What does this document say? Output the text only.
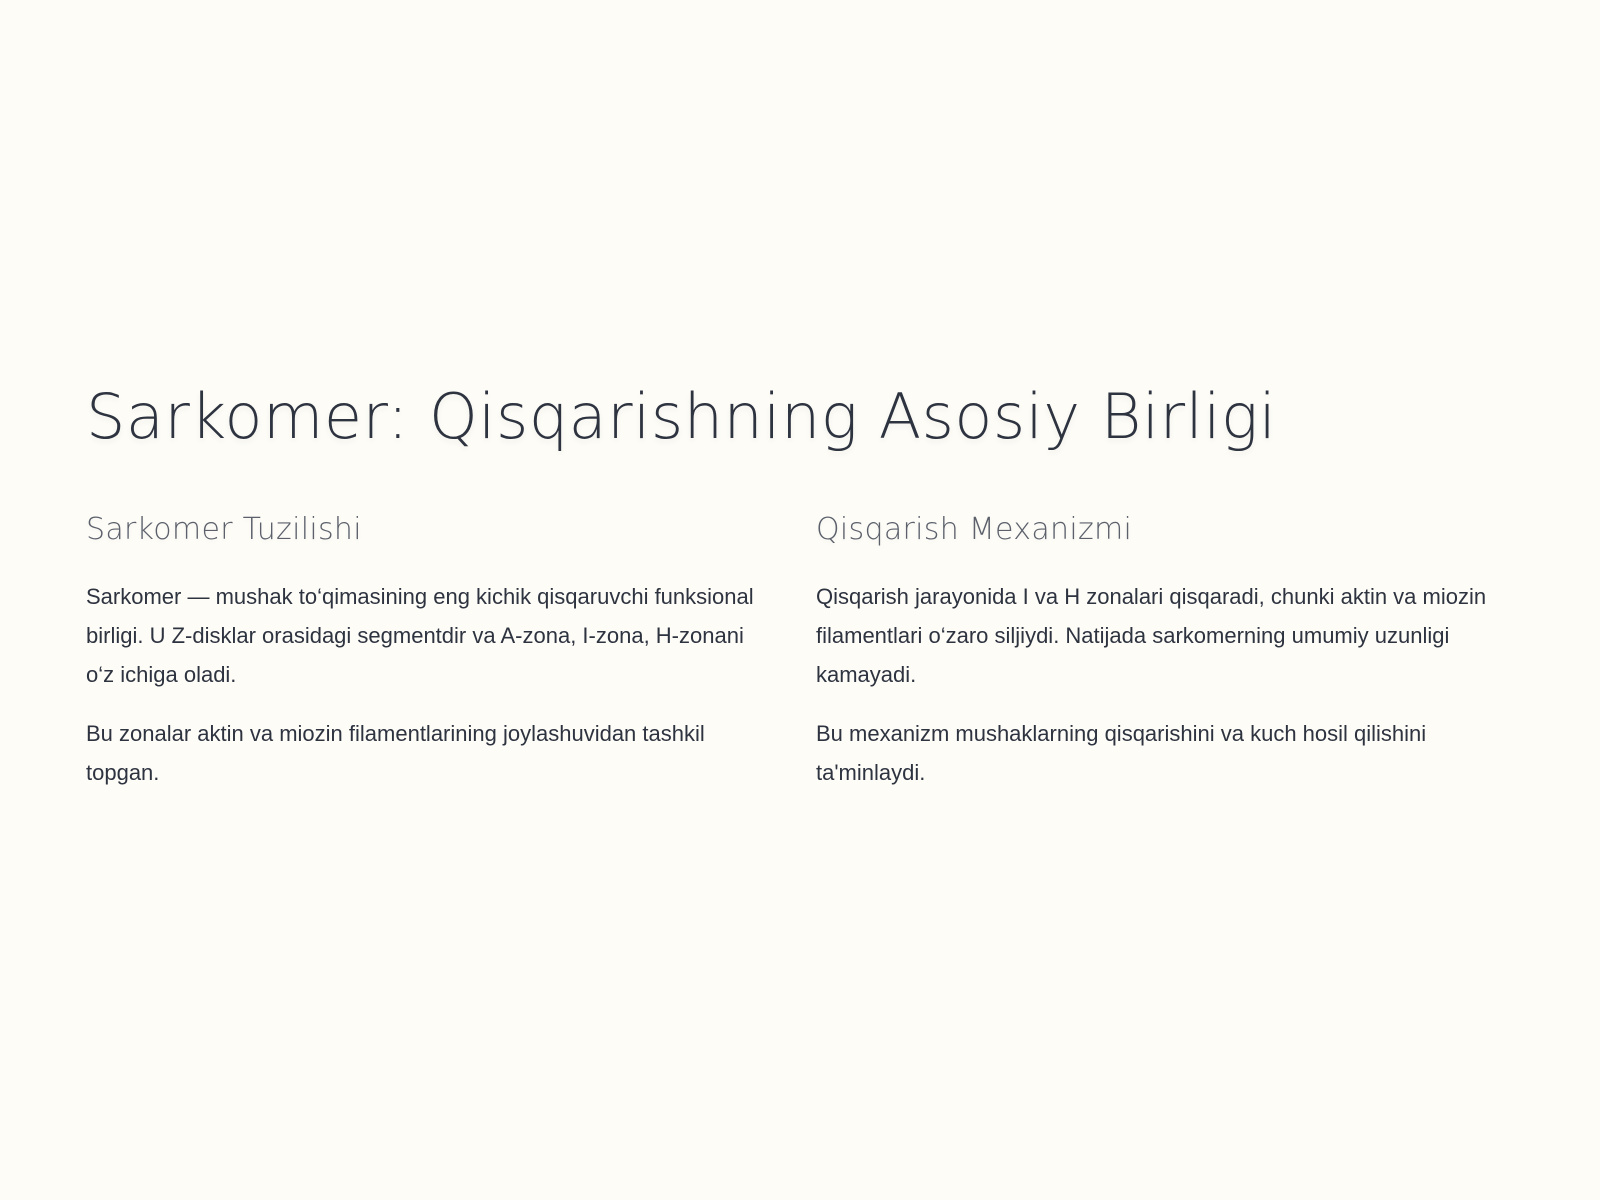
Sarkomer: Qisqarishning Asosiy Birligi
Sarkomer Tuzilishi

Sarkomer — mushak to‘qimasining eng kichik qisqaruvchi funksional birligi. U Z-disklar orasidagi segmentdir va A-zona, I-zona, H-zonani o‘z ichiga oladi.

Bu zonalar aktin va miozin filamentlarining joylashuvidan tashkil topgan.

Qisqarish Mexanizmi

Qisqarish jarayonida I va H zonalari qisqaradi, chunki aktin va miozin filamentlari o‘zaro siljiydi. Natijada sarkomerning umumiy uzunligi kamayadi.

Bu mexanizm mushaklarning qisqarishini va kuch hosil qilishini ta'minlaydi.
